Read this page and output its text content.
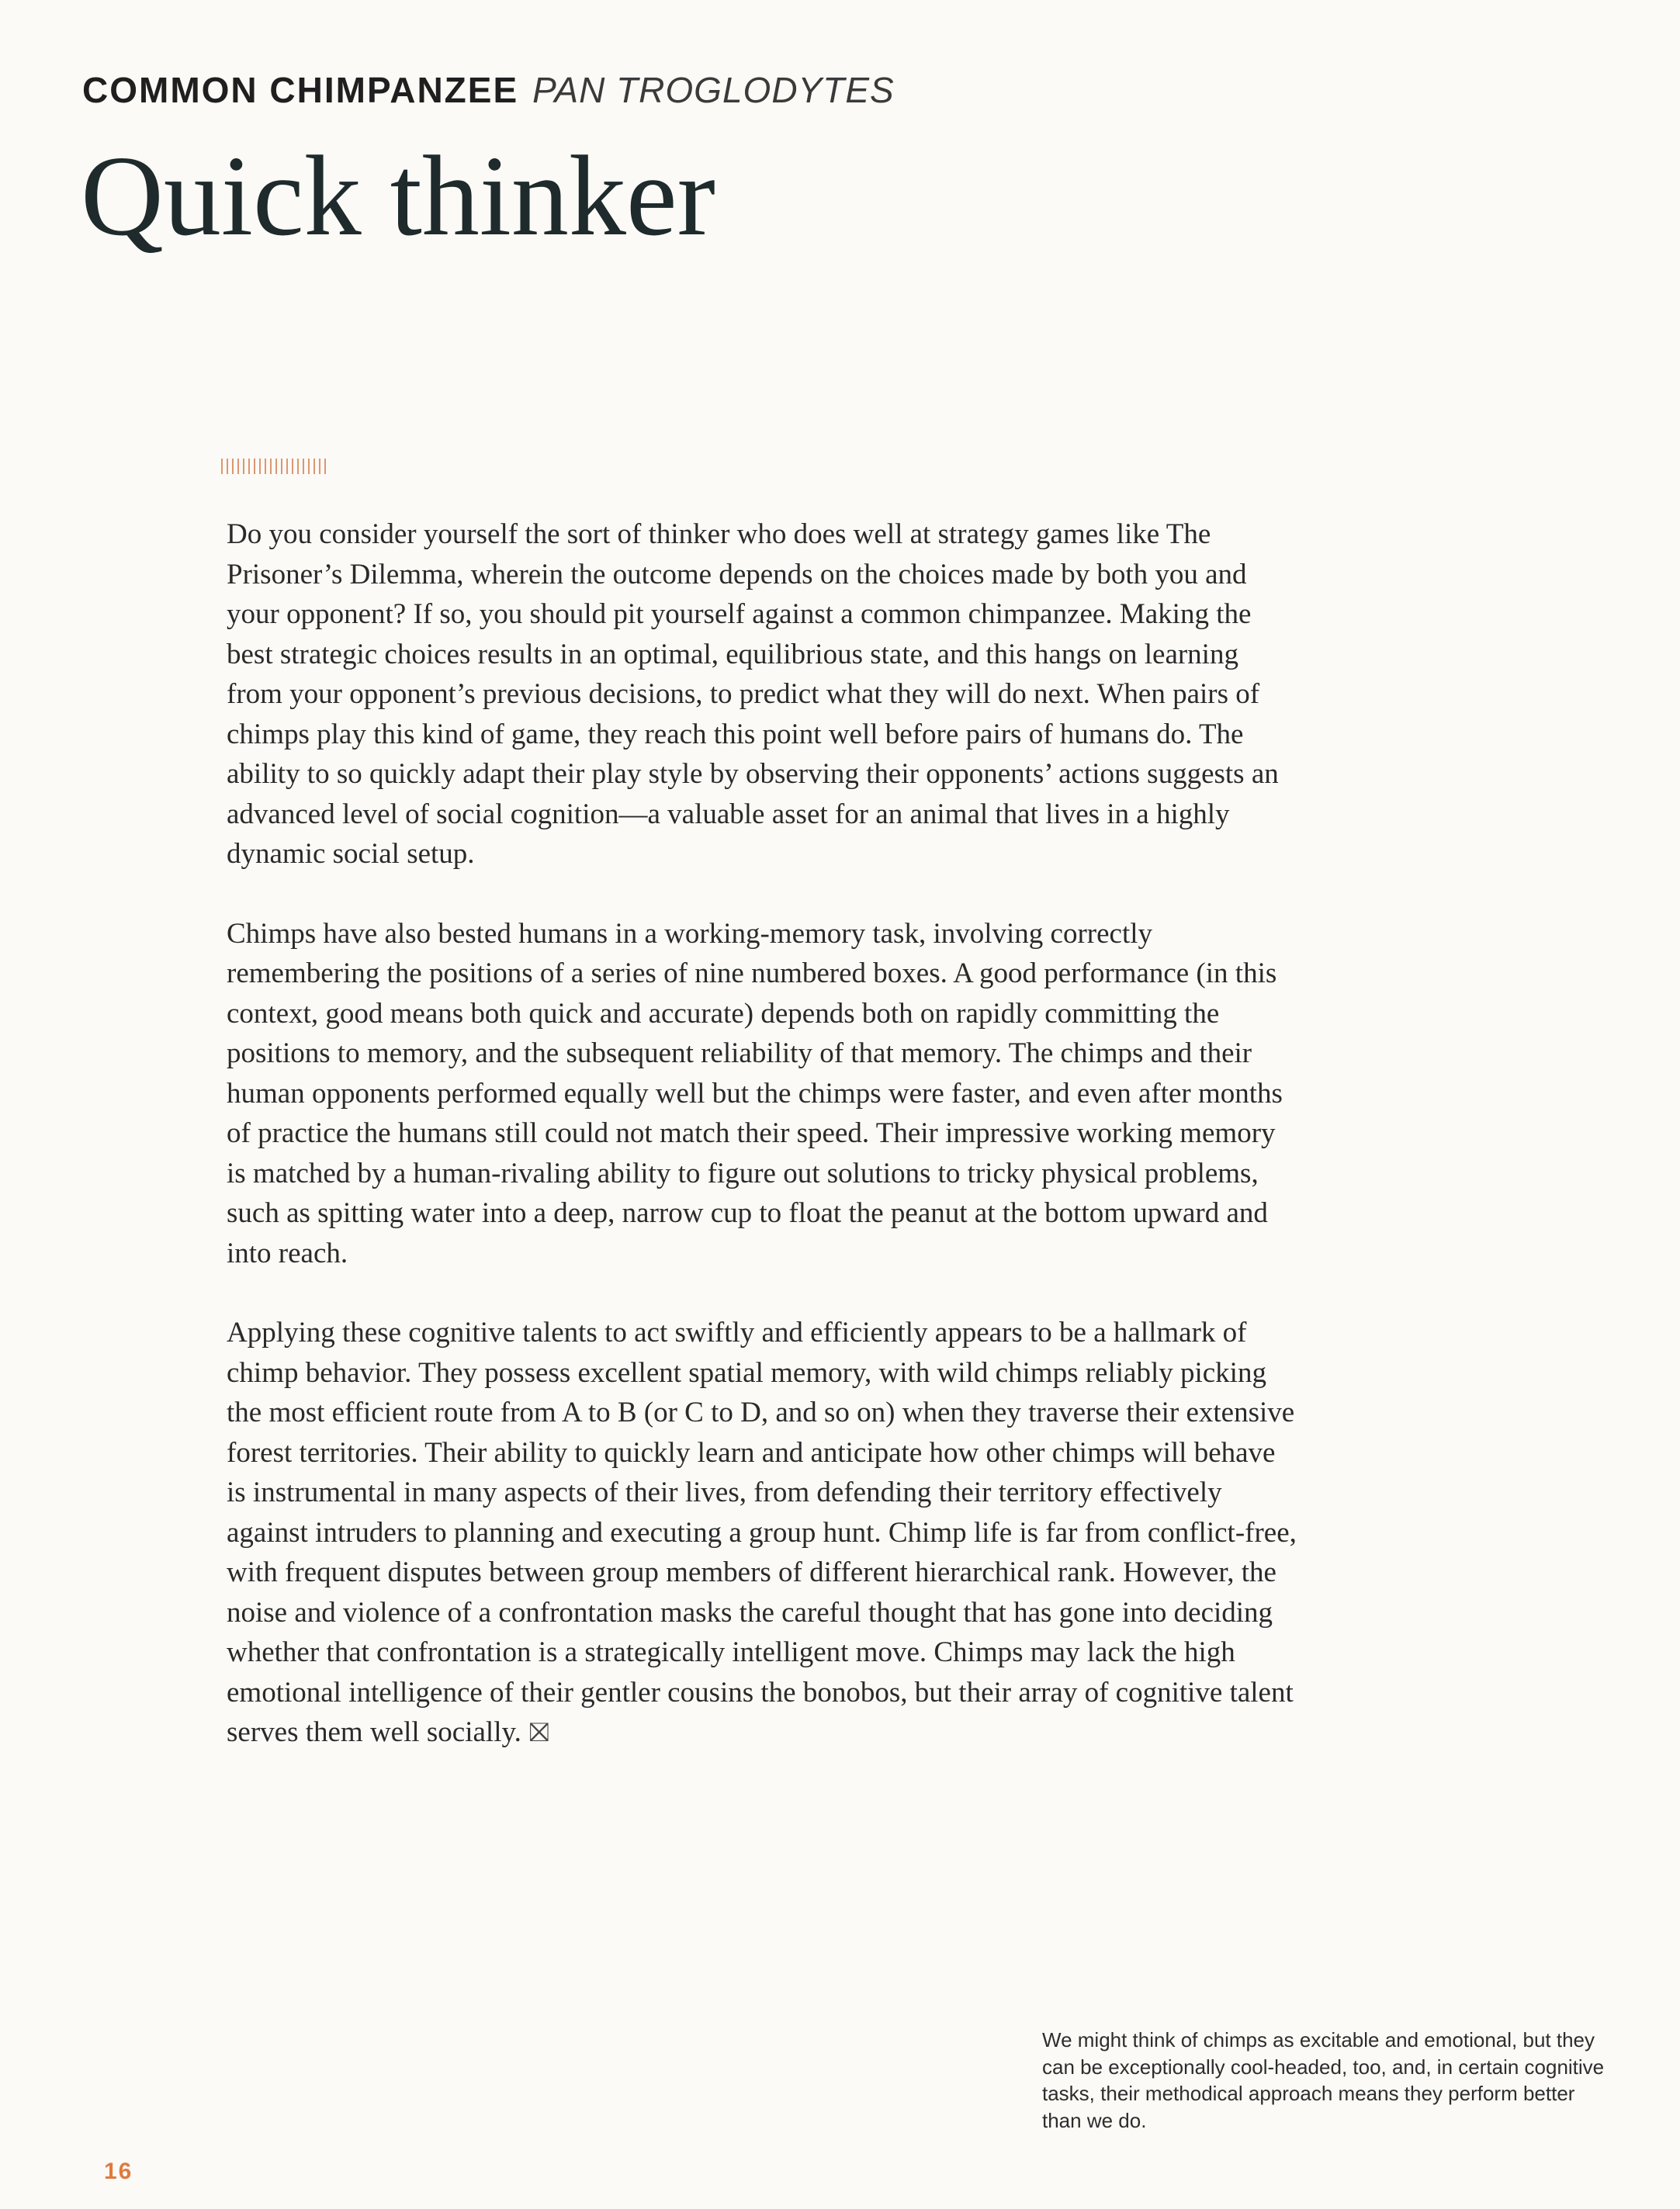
COMMON CHIMPANZEE PAN TROGLODYTES
Quick thinker

Do you consider yourself the sort of thinker who does well at strategy games like The Prisoner’s Dilemma, wherein the outcome depends on the choices made by both you and your opponent? If so, you should pit yourself against a common chimpanzee. Making the best strategic choices results in an optimal, equilibrious state, and this hangs on learning from your opponent’s previous decisions, to predict what they will do next. When pairs of chimps play this kind of game, they reach this point well before pairs of humans do. The ability to so quickly adapt their play style by observing their opponents’ actions suggests an advanced level of social cognition—a valuable asset for an animal that lives in a highly dynamic social setup.

Chimps have also bested humans in a working-memory task, involving correctly remembering the positions of a series of nine numbered boxes. A good performance (in this context, good means both quick and accurate) depends both on rapidly committing the positions to memory, and the subsequent reliability of that memory. The chimps and their human opponents performed equally well but the chimps were faster, and even after months of practice the humans still could not match their speed. Their impressive working memory is matched by a human-rivaling ability to figure out solutions to tricky physical problems, such as spitting water into a deep, narrow cup to float the peanut at the bottom upward and into reach.

Applying these cognitive talents to act swiftly and efficiently appears to be a hallmark of chimp behavior. They possess excellent spatial memory, with wild chimps reliably picking the most efficient route from A to B (or C to D, and so on) when they traverse their extensive forest territories. Their ability to quickly learn and anticipate how other chimps will behave is instrumental in many aspects of their lives, from defending their territory effectively against intruders to planning and executing a group hunt. Chimp life is far from conflict-free, with frequent disputes between group members of different hierarchical rank. However, the noise and violence of a confrontation masks the careful thought that has gone into deciding whether that confrontation is a strategically intelligent move. Chimps may lack the high emotional intelligence of their gentler cousins the bonobos, but their array of cognitive talent serves them well socially. ⛝

We might think of chimps as excitable and emotional, but they can be exceptionally cool-headed, too, and, in certain cognitive tasks, their methodical approach means they perform better than we do.
16
